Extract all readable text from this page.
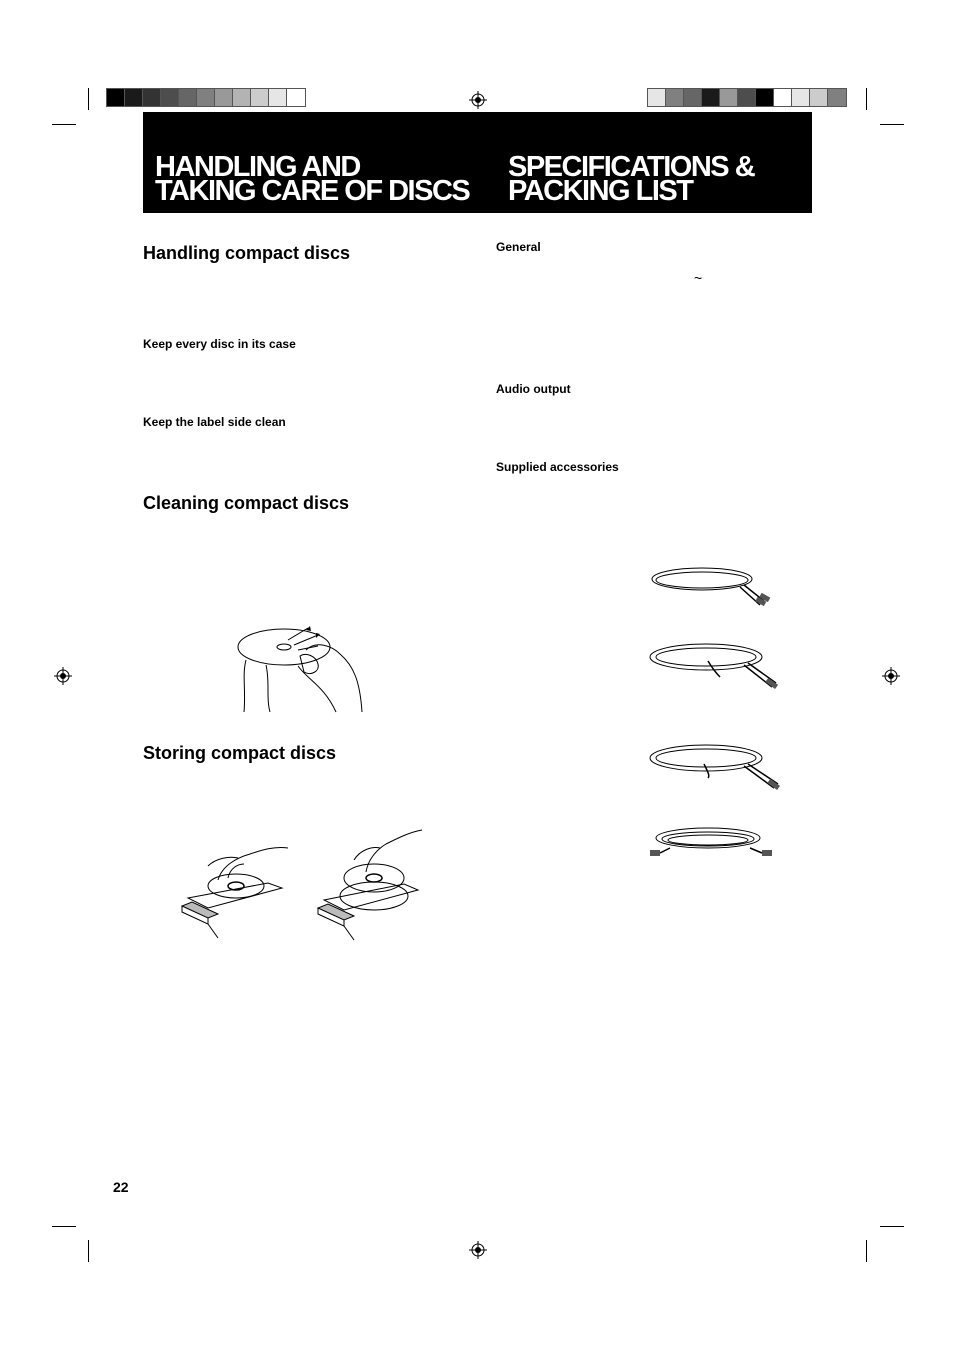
HANDLING AND
TAKING CARE OF DISCS
SPECIFICATIONS &
PACKING LIST
Handling compact discs
Keep every disc in its case
Keep the label side clean
Cleaning compact discs
Storing compact discs
General
~
Audio output
Supplied accessories
22
